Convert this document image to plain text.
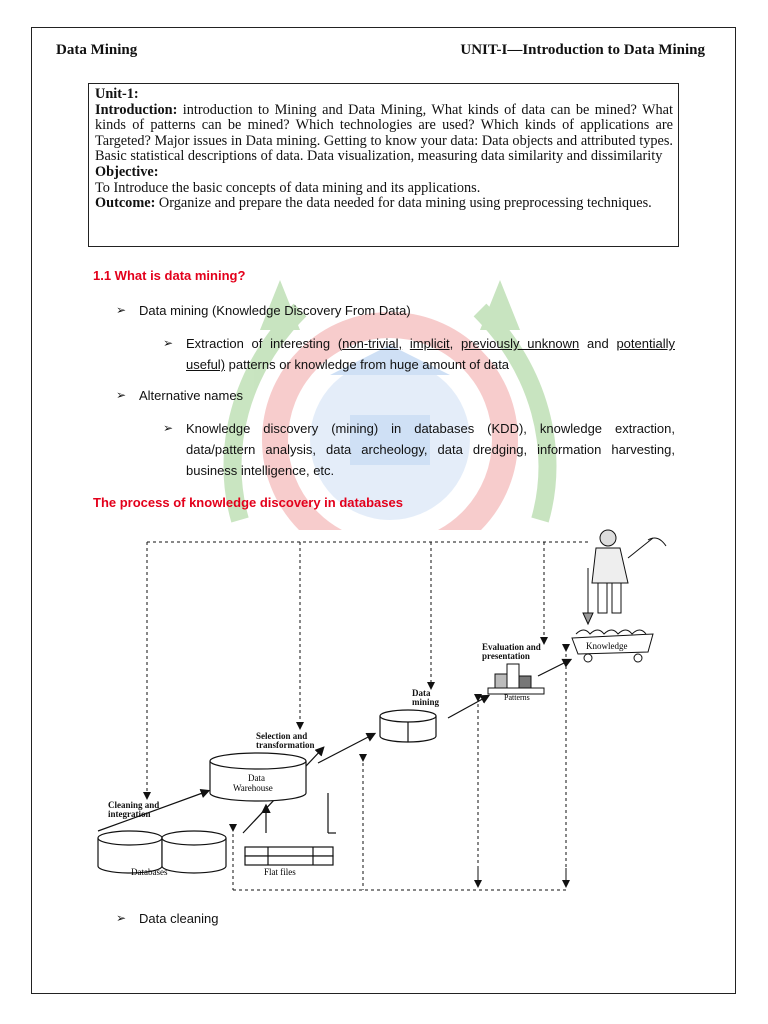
Data Mining	UNIT-I—Introduction to Data Mining

Unit-1:

Introduction: introduction to Mining and Data Mining, What kinds of data can be mined? What kinds of patterns can be mined? Which technologies are used? Which kinds of applications are Targeted? Major issues in Data mining. Getting to know your data: Data objects and attributed types. Basic statistical descriptions of data. Data visualization, measuring data similarity and dissimilarity

Objective:

To Introduce the basic concepts of data mining and its applications.

Outcome: Organize and prepare the data needed for data mining using preprocessing techniques.

1.1 What is data mining?
➢ Data mining (Knowledge Discovery From Data)
➢ Extraction of interesting (non-trivial, implicit, previously unknown and potentially useful) patterns or knowledge from huge amount of data
➢ Alternative names
➢ Knowledge discovery (mining) in databases (KDD), knowledge extraction, data/pattern analysis, data archeology, data dredging, information harvesting, business intelligence, etc.
The process of knowledge discovery in databases
Databases	Flat files
Data
Warehouse
Patterns
Knowledge
Cleaning and
integration
Selection and
transformation
Data
mining
Evaluation and
presentation
➢ Data cleaning
